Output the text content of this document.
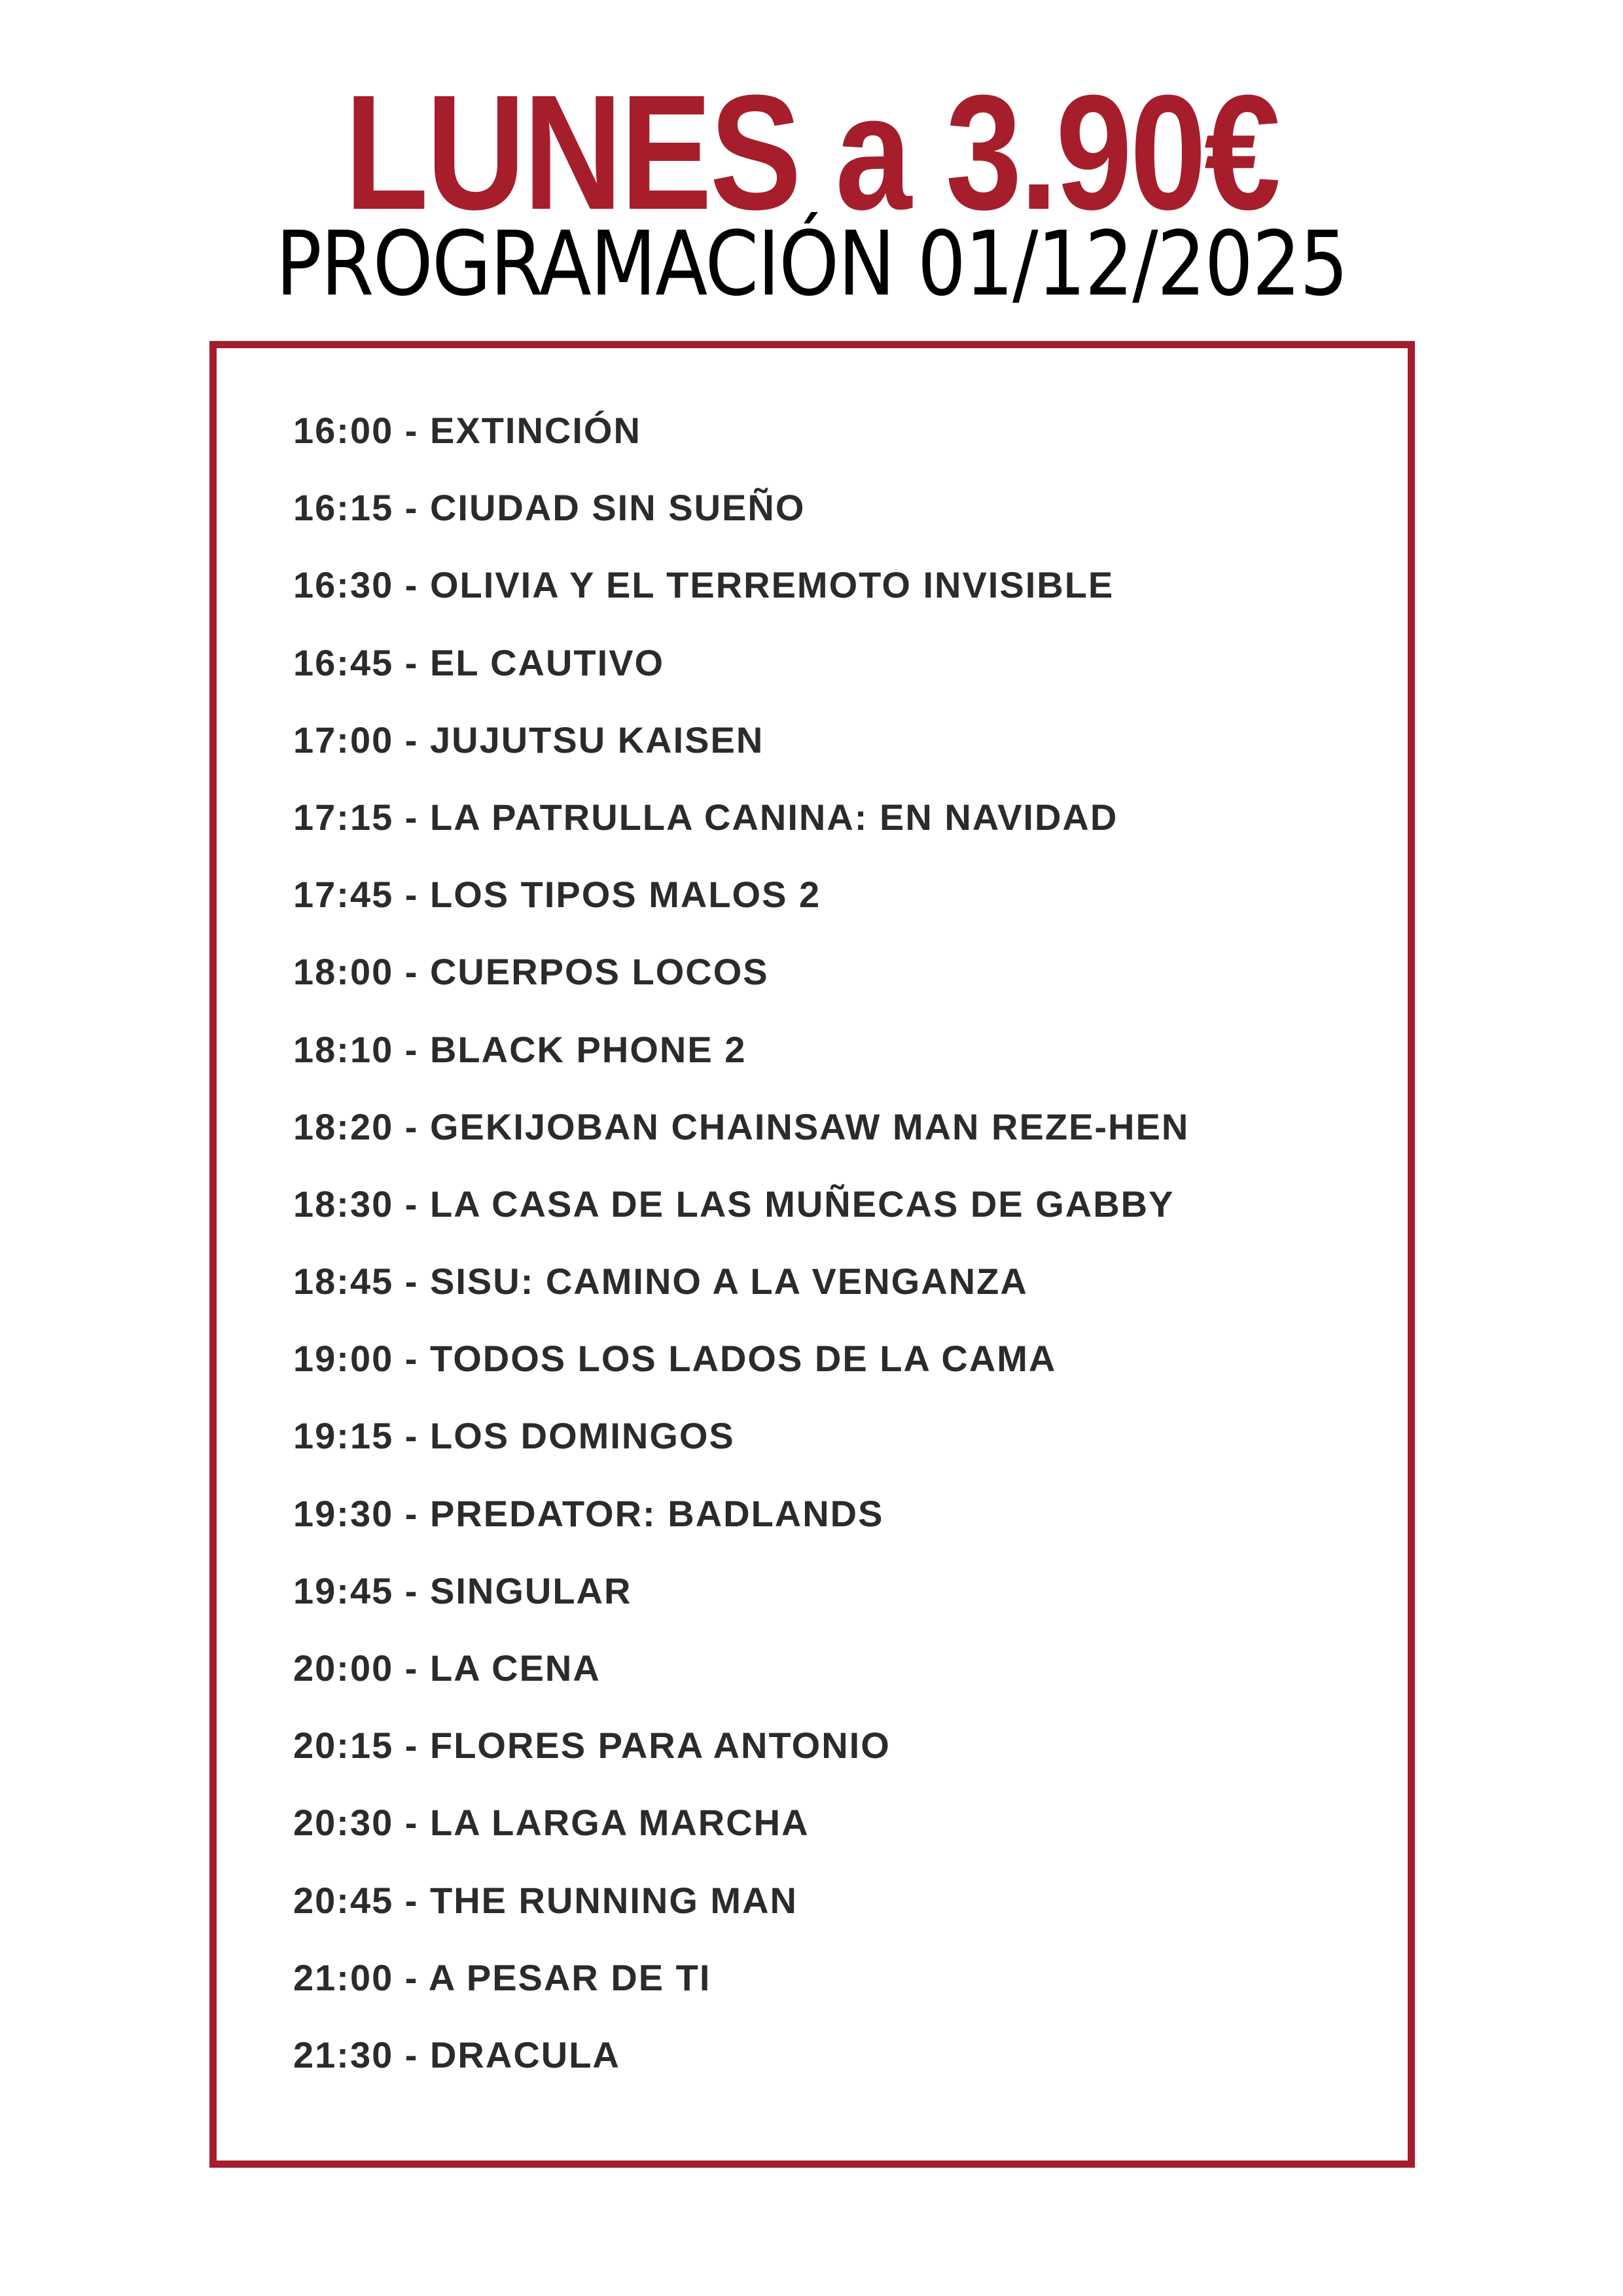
LUNES a 3.90€
PROGRAMACIÓN 01/12/2025
16:00 - EXTINCIÓN
16:15 - CIUDAD SIN SUEÑO
16:30 - OLIVIA Y EL TERREMOTO INVISIBLE
16:45 - EL CAUTIVO
17:00 - JUJUTSU KAISEN
17:15 - LA PATRULLA CANINA: EN NAVIDAD
17:45 - LOS TIPOS MALOS 2
18:00 - CUERPOS LOCOS
18:10 - BLACK PHONE 2
18:20 - GEKIJOBAN CHAINSAW MAN REZE-HEN
18:30 - LA CASA DE LAS MUÑECAS DE GABBY
18:45 - SISU: CAMINO A LA VENGANZA
19:00 - TODOS LOS LADOS DE LA CAMA
19:15 - LOS DOMINGOS
19:30 - PREDATOR: BADLANDS
19:45 - SINGULAR
20:00 - LA CENA
20:15 - FLORES PARA ANTONIO
20:30 - LA LARGA MARCHA
20:45 - THE RUNNING MAN
21:00 - A PESAR DE TI
21:30 - DRACULA
